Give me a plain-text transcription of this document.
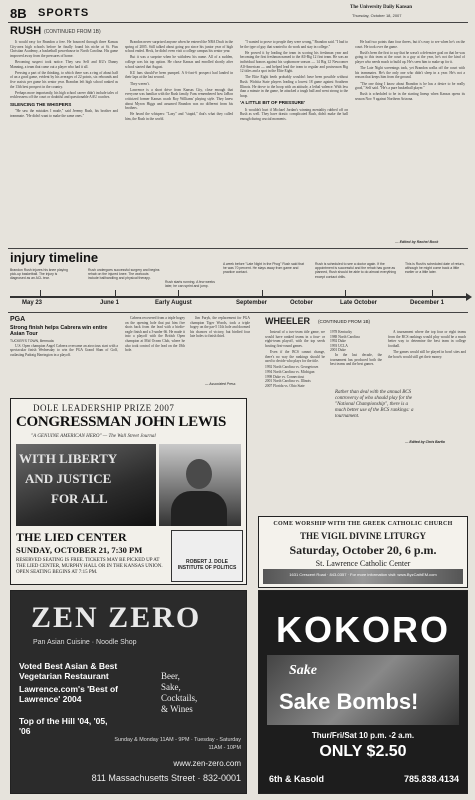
8B SPORTS	The University Daily Kansan
Thursday, October 18, 2007
RUSH (CONTINUED FROM 1B)

It would easy for Brandon a free. He bounced through three Kansas City-area high schools before he finally found his niche at St. Pius Christian Academy, a basketball powerhouse in North Carolina. His game improved away from the pressures of home.

Becoming suspect took notice. They saw Self and KU's Danny Manning, a team that came out a player who had it all.

Pressing a part of the thinking, to which there was a ring of about half of an a good game, evident by his averages of 22 points, six rebounds and five assists per game his senior year. Brandon left high school ranked as the 13th best prospect in the country.

Perhaps more importantly, his high school career didn't include tales of recklessness off the court or doubtful and questionable AAU coaches.

SILENCING THE WHISPERS

"He saw the mistakes I made," said Jeremy Rush, his brother and teammate. "He didn't want to make the same ones."

Brandon never surprised anyone when he entered the NBA Draft in the spring of 2005. Still talked about going pro since his junior year of high school ended. Heck, he didn't even visit a college campus his senior year.

But it was a surprise when he withdrew his name. All of a sudden, college was his top option. He chose Kansas and enrolled shortly after school started that August.

KU fans should've been pumped. A 6-foot-6 prospect had landed in their laps at the last second.

They weren't.

Lawrence is a short drive from Kansas City, close enough that everyone was familiar with the Rush family. Fans remembered how JaRon criticized former Kansas coach Roy Williams' playing style. They knew about Myron Higgs and assumed Brandon was no different from his brothers.

He heard the whispers: "Lazy" and "stupid," that's what they called him, the Rush in the world.

"I wanted to prove to people they were wrong," Brandon said. "I had to be the type of guy that wanted to do work and stay in college."

He proved it by leading the team in scoring his freshman year and becoming the first freshman named to the All-Big 12 first team. He was an individual honors against his sophomore season — 14 Big 12 Newcomer All-American — and helped lead the team to regular and postseason Big 12 titles and a spot in the Elite Eight.

The Elite Eight berth probably wouldn't have been possible without Rush. Wichita State players leading a lowest 18 game against Southern Illinois. He drove to the hoop with an attitude, a lethal valence. With less than a minute in the game, he attacked a tough ball and went strong to the hoop.

'A LITTLE BIT OF PRESSURE'

It wouldn't hurt if Michael Jordan's winning mentality rubbed off on Rush as well. They have drastic complicated Rush, didn't make the ball enough during crucial moments.

He had two points than four threes, but it's easy to see when he's on the court. He took over the game.

Rush's been the first to say that he wasn't a defensive goal on that he was going to this team at the court in a guy at the year, he's not the kind of player who needs much to build up. He's seen him to make up for it.

The Late Night screenings took, yet Brandon walks off the court with his teammates. He's the only one who didn't sleep in a year. He's not a reason that keeps him from the ground.

"The one thing I know about Brandon is he has a desire to be really good," Self said. "He's a pure basketball player."

Rush is scheduled to be in the starting lineup when Kansas opens its season Nov. 9 against Northern Arizona.

— Edited by Rachel Bock
injury timeline
Brandon Rush injures his knee playing pick-up basketball. The injury is diagnosed as an ACL tear.
Rush undergoes successful surgery and begins rehab on the injured knee. The workouts include ballhandling and physical therapy.
Rush starts running. A few weeks later, he can sprint and jump.
A week before "Late Night in the Phog" Rush said that he was 70 percent. He stays away from game and practice contact.
Rush is scheduled to see a doctor again. If the appointment is successful and the rehab has gone as planned, Rush should be able to do almost everything except contact drills.
This is Rush's scheduled date of return, although he might come back a little earlier or a little later.
May 23	June 1	Early August	September	October	Late October	December 1
PGA
Strong finish helps Cabrera win entire Asian Tour
TUCKER'S TOWN, Bermuda

U.S. Open champion Angel Cabrera overcame an atrocious start with a spectacular finish Wednesday to win the PGA Grand Slam of Golf, outlasting Padraig Harrington in a playoff.

Cabrera recovered from a triple bogey on the opening hole that put him five shots back from the lead with a birdie-eagle finish and a 3-under 66. He made it into a playoff with the British Open champion at Mid Ocean Club, where he also took control of the lead on the 18th hole.

Jim Furyk, the replacement for PGA champion Tiger Woods, took a triple bogey on the par-5 11th hole and doomed his chances of victory, but birdied four late holes to finish third.

— Associated Press
WHEELER (CONTINUED FROM 1B)

Instead of a two-team title game, we would have ranked teams in a four- or eight-team playoff, with the top seeds hosting first-round games.

Even if the BCS cannot change, there's no way the rankings should be used to decide who plays for the title.

1992 North Carolina vs. Georgetown
1994 North Carolina vs. Michigan
1998 Duke vs. Connecticut
2001 North Carolina vs. Illinois
2007 Florida vs. Ohio State
1978 Kentucky
1988 North Carolina
1992 Duke
1993 UCLA
2001 Duke

In the last decade, the tournament has produced both the best teams and the best games.

A tournament where the top four or eight teams from the BCS rankings would play would be a much better way to determine the best team in college football.

The games would still be played in bowl sites and the bowls would still get their money.

Rather than deal with the annual BCS controversy of who should play for the "National Championship", there is a much better use of the BCS rankings: a tournament.
— Edited by Chris Bartlo
DOLE LEADERSHIP PRIZE 2007
CONGRESSMAN JOHN LEWIS
"A GENUINE AMERICAN HERO" — The Wall Street Journal
WITH LIBERTY
AND JUSTICE
FOR ALL
THE LIED CENTER
SUNDAY, OCTOBER 21, 7:30 PM
RESERVED SEATING IS FREE. TICKETS MAY BE PICKED UP AT THE LIED CENTER, MURPHY HALL OR IN THE KANSAS UNION. OPEN SEATING BEGINS AT 7:15 PM.
ROBERT J. DOLE INSTITUTE OF POLITICS
COME WORSHIP WITH THE GREEK CATHOLIC CHURCH
THE VIGIL DIVINE LITURGY
Saturday, October 20, 6 p.m.
St. Lawrence Catholic Center
1631 Crescent Road · 843-0357 · For more information visit: www.ByzCathEM.com
ZEN ZERO
Pan Asian Cuisine · Noodle Shop
Voted Best Asian & Best Vegetarian Restaurant
Lawrence.com's 'Best of Lawrence' 2004
Top of the Hill '04, '05, '06
Beer,
Sake,
Cocktails,
& Wines
Sunday & Monday 11AM - 9PM · Tuesday - Saturday 11AM - 10PM
www.zen-zero.com
811 Massachusetts Street · 832-0001
KOKORO
Sake
Sake Bombs!
Thur/Fri/Sat 10 p.m. -2 a.m.
ONLY $2.50
6th & Kasold	785.838.4134
